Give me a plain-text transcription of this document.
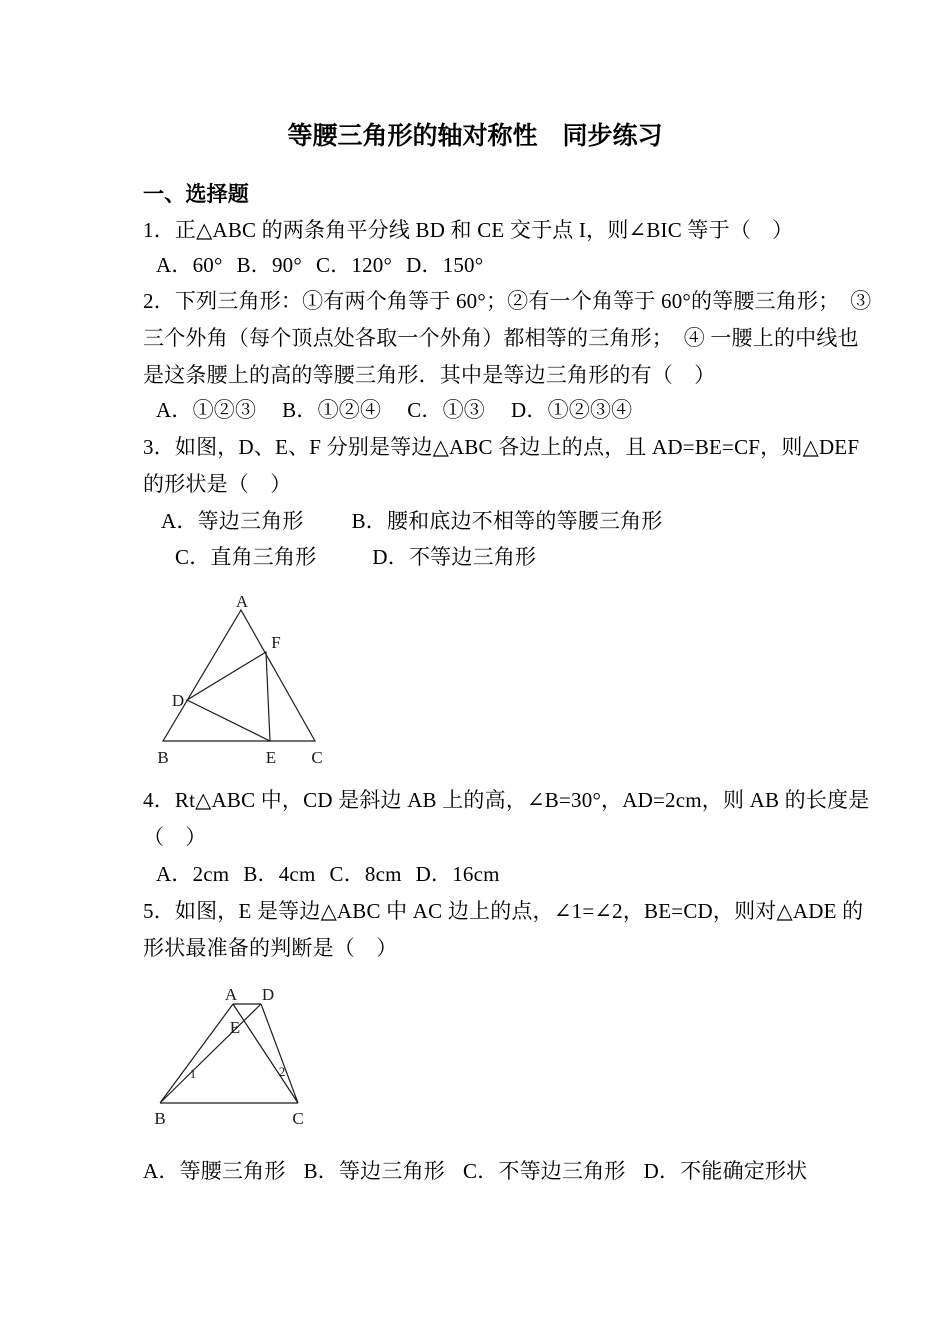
等腰三角形的轴对称性　同步练习
一、选择题
1．正△ABC 的两条角平分线 BD 和 CE 交于点 I，则∠BIC 等于（　）
A．60° B．90° C．120° D．150°
2．下列三角形：①有两个角等于 60°；②有一个角等于 60°的等腰三角形；　③
三个外角（每个顶点处各取一个外角）都相等的三角形；　④ 一腰上的中线也
是这条腰上的高的等腰三角形．其中是等边三角形的有（　）
A．①②③ B．①②④ C．①③ D．①②③④
3．如图，D、E、F 分别是等边△ABC 各边上的点，且 AD=BE=CF，则△DEF
的形状是（　）
A．等边三角形 B．腰和底边不相等的等腰三角形
C．直角三角形	D．不等边三角形
A
F
D
B	E C
4．Rt△ABC 中，CD 是斜边 AB 上的高，∠B=30°，AD=2cm，则 AB 的长度是
（　）
A．2cm B．4cm C．8cm D．16cm
5．如图，E 是等边△ABC 中 AC 边上的点，∠1=∠2，BE=CD，则对△ADE 的
形状最准备的判断是（　）
A D
E
B	C
1	2
A．等腰三角形 B．等边三角形 C．不等边三角形 D．不能确定形状
